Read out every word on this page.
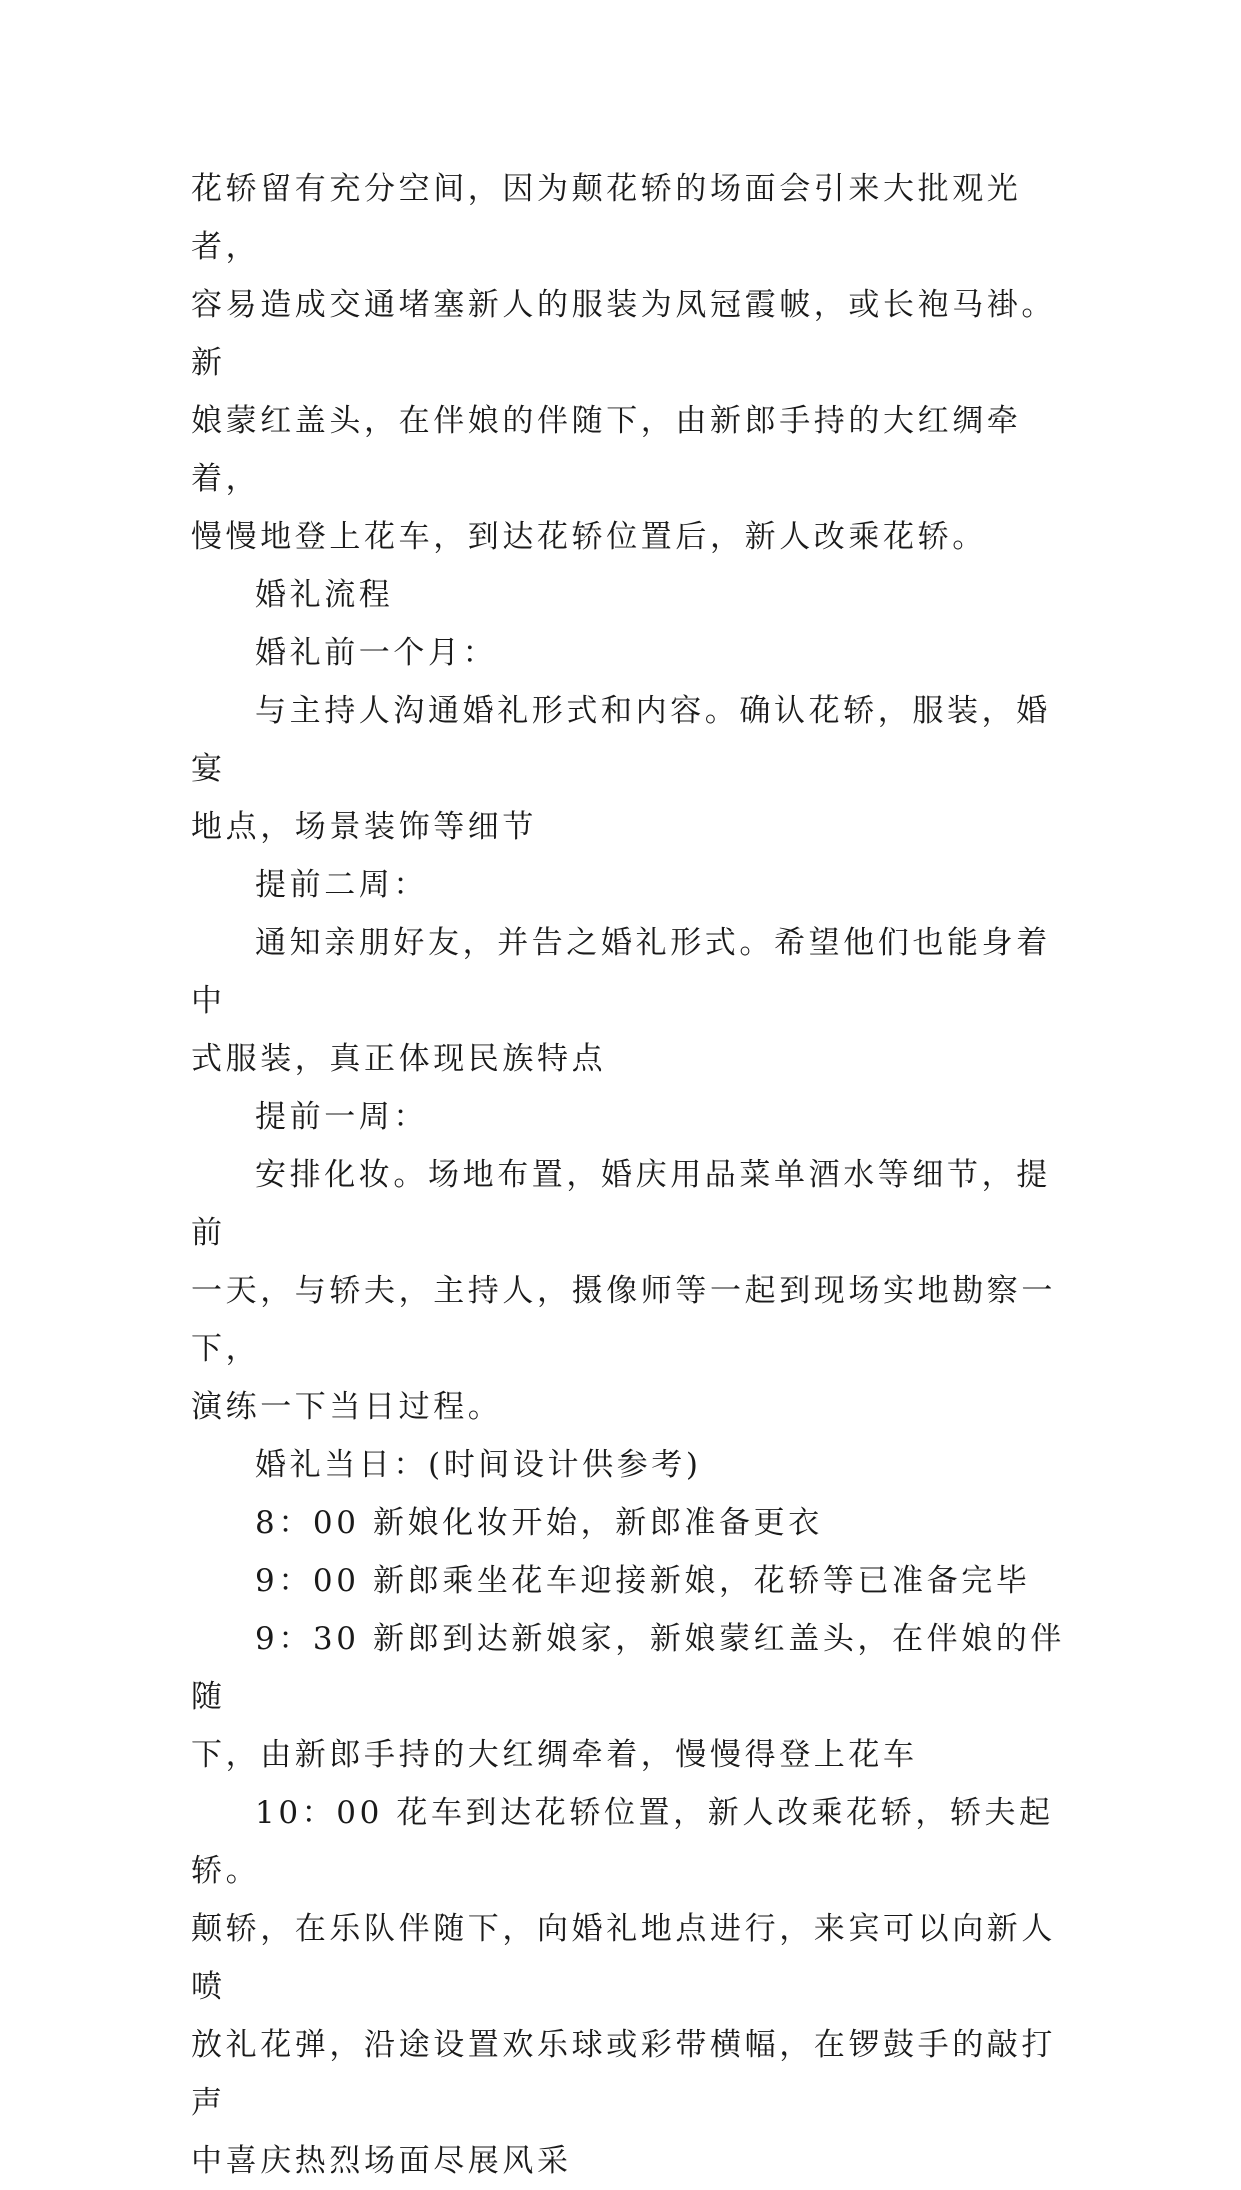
花轿留有充分空间，因为颠花轿的场面会引来大批观光者，
容易造成交通堵塞新人的服装为凤冠霞帔，或长袍马褂。新
娘蒙红盖头，在伴娘的伴随下，由新郎手持的大红绸牵着，
慢慢地登上花车，到达花轿位置后，新人改乘花轿。

婚礼流程

婚礼前一个月：

与主持人沟通婚礼形式和内容。确认花轿，服装，婚宴
地点，场景装饰等细节

提前二周：

通知亲朋好友，并告之婚礼形式。希望他们也能身着中
式服装，真正体现民族特点

提前一周：

安排化妆。场地布置，婚庆用品菜单酒水等细节，提前
一天，与轿夫，主持人，摄像师等一起到现场实地勘察一下，
演练一下当日过程。

婚礼当日：(时间设计供参考)

8：00 新娘化妆开始，新郎准备更衣

9：00 新郎乘坐花车迎接新娘，花轿等已准备完毕

9：30 新郎到达新娘家，新娘蒙红盖头，在伴娘的伴随
下，由新郎手持的大红绸牵着，慢慢得登上花车

10：00 花车到达花轿位置，新人改乘花轿，轿夫起轿。
颠轿，在乐队伴随下，向婚礼地点进行，来宾可以向新人喷
放礼花弹，沿途设置欢乐球或彩带横幅，在锣鼓手的敲打声
中喜庆热烈场面尽展风采
